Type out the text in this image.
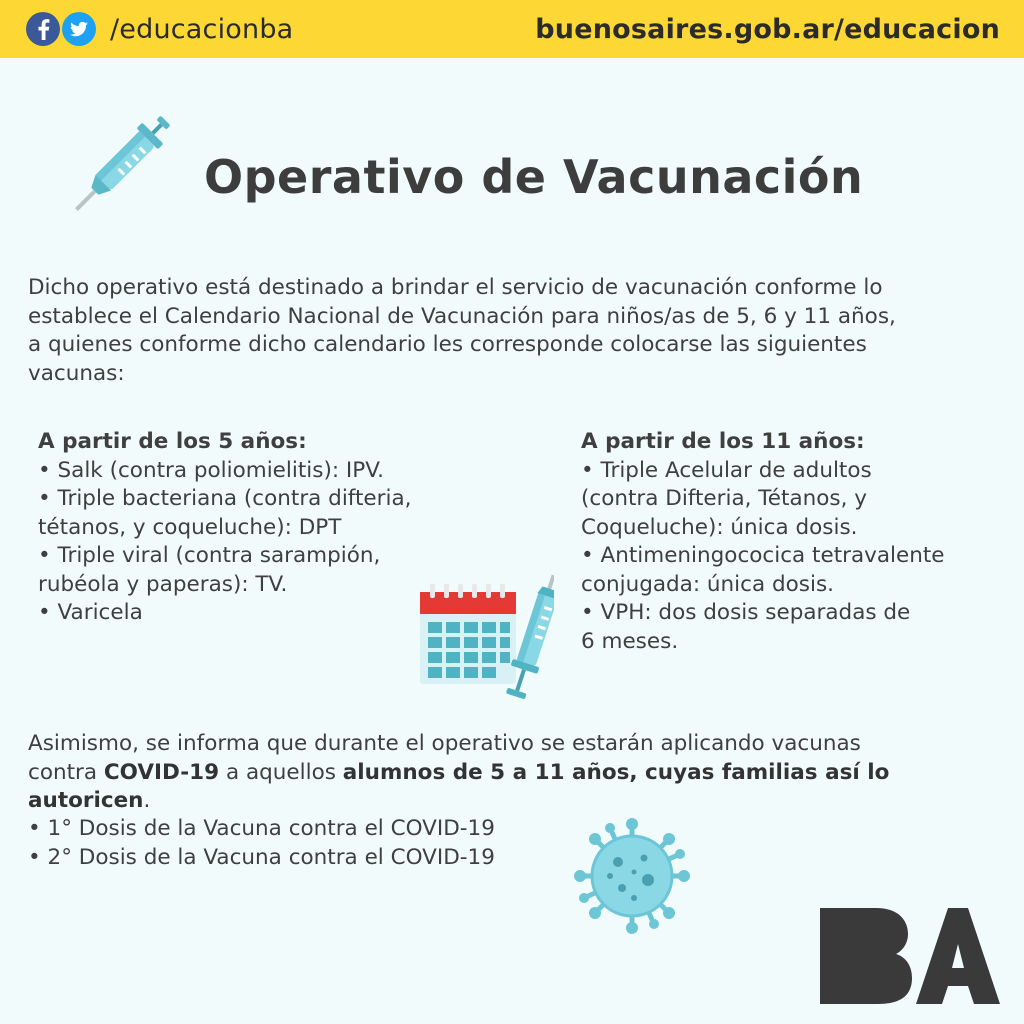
/educacionba	buenosaires.gob.ar/educacion
Operativo de Vacunación
Dicho operativo está destinado a brindar el servicio de vacunación conforme lo
establece el Calendario Nacional de Vacunación para niños/as de 5, 6 y 11 años,
a quienes conforme dicho calendario les corresponde colocarse las siguientes
vacunas:
A partir de los 5 años:
• Salk (contra poliomielitis): IPV.
• Triple bacteriana (contra difteria,
tétanos, y coqueluche): DPT
• Triple viral (contra sarampión,
rubéola y paperas): TV.
• Varicela
A partir de los 11 años:
• Triple Acelular de adultos
(contra Difteria, Tétanos, y
Coqueluche): única dosis.
• Antimeningococica tetravalente
conjugada: única dosis.
• VPH: dos dosis separadas de
6 meses.
Asimismo, se informa que durante el operativo se estarán aplicando vacunas
contra COVID-19 a aquellos alumnos de 5 a 11 años, cuyas familias así lo autoricen.
• 1° Dosis de la Vacuna contra el COVID-19
• 2° Dosis de la Vacuna contra el COVID-19
